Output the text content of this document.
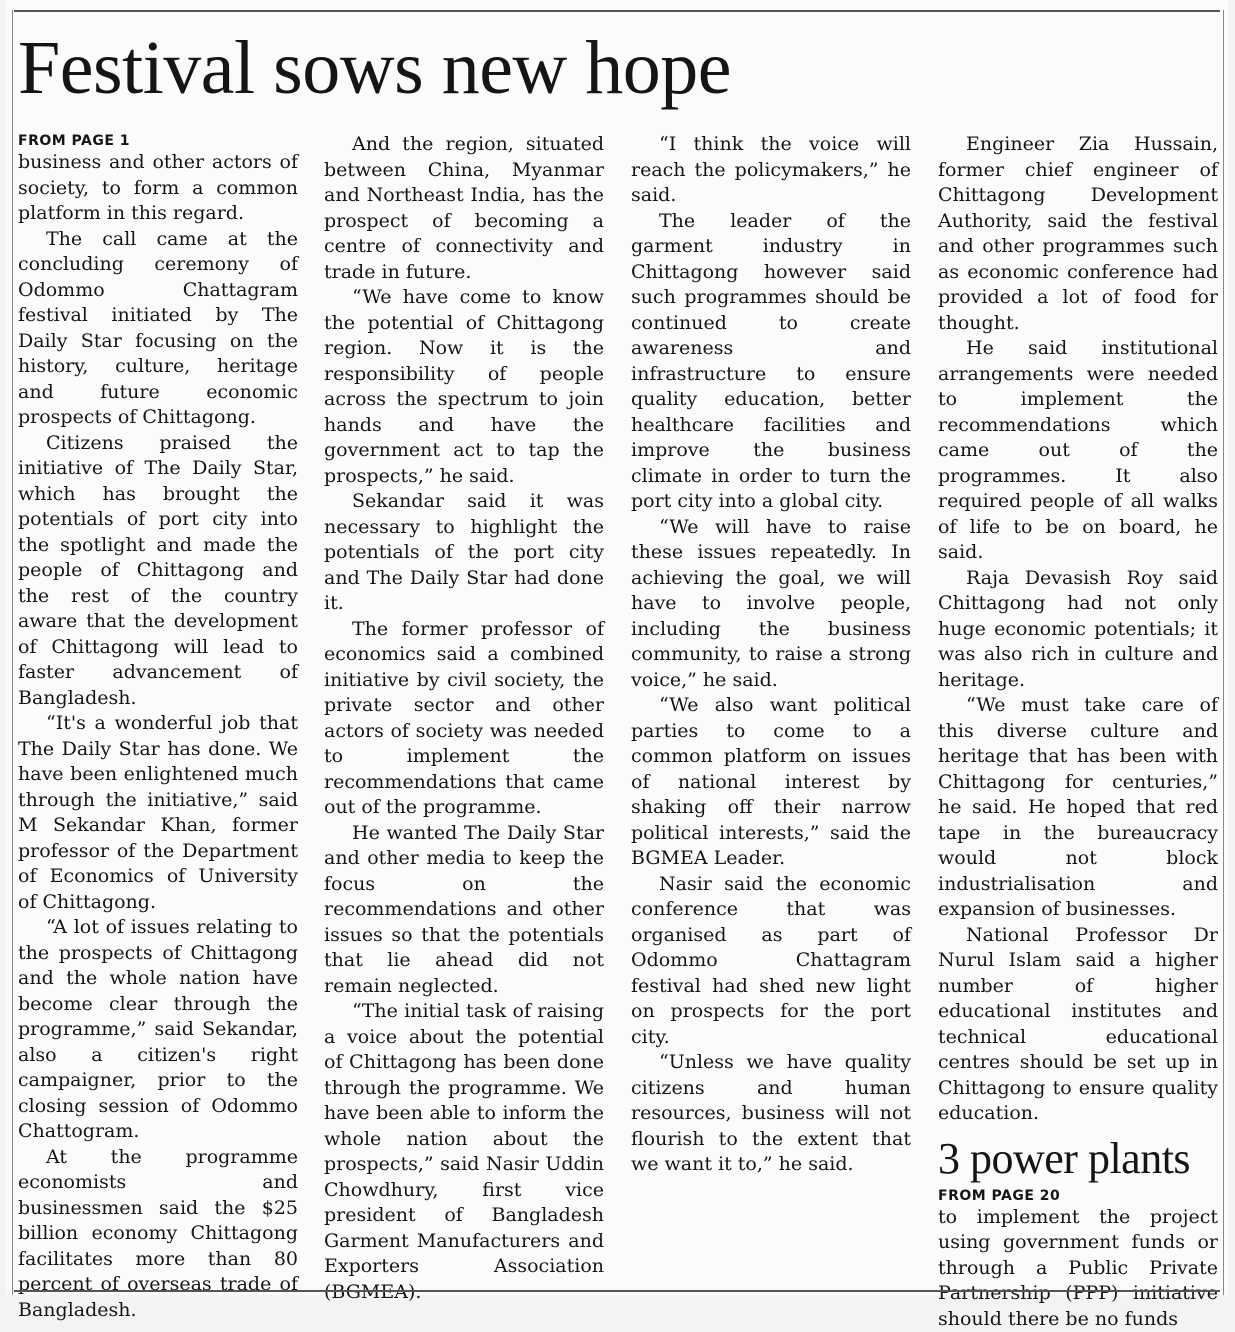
Festival sows new hope
FROM PAGE 1

business and other actors of society, to form a common platform in this regard.

The call came at the concluding ceremony of Odommo Chattagram festival initiated by The Daily Star focusing on the history, culture, heritage and future economic prospects of Chittagong.

Citizens praised the initiative of The Daily Star, which has brought the potentials of port city into the spotlight and made the people of Chittagong and the rest of the country aware that the development of Chittagong will lead to faster advancement of Bangladesh.

“It's a wonderful job that The Daily Star has done. We have been enlightened much through the initiative,” said M Sekandar Khan, former professor of the Department of Economics of University of Chittagong.

“A lot of issues relating to the prospects of Chittagong and the whole nation have become clear through the programme,” said Sekandar, also a citizen's right campaigner, prior to the closing session of Odommo Chattogram.

At the programme economists and businessmen said the $25 billion economy Chittagong facilitates more than 80 percent of overseas trade of Bangladesh.

And the region, situated between China, Myanmar and Northeast India, has the prospect of becoming a centre of connectivity and trade in future.

“We have come to know the potential of Chittagong region. Now it is the responsibility of people across the spectrum to join hands and have the government act to tap the prospects,” he said.

Sekandar said it was necessary to highlight the potentials of the port city and The Daily Star had done it.

The former professor of economics said a combined initiative by civil society, the private sector and other actors of society was needed to implement the recommendations that came out of the programme.

He wanted The Daily Star and other media to keep the focus on the recommendations and other issues so that the potentials that lie ahead did not remain neglected.

“The initial task of raising a voice about the potential of Chittagong has been done through the programme. We have been able to inform the whole nation about the prospects,” said Nasir Uddin Chowdhury, first vice president of Bangladesh Garment Manufacturers and Exporters Association (BGMEA).

“I think the voice will reach the policymakers,” he said.

The leader of the garment industry in Chittagong however said such programmes should be continued to create awareness and infrastructure to ensure quality education, better healthcare facilities and improve the business climate in order to turn the port city into a global city.

“We will have to raise these issues repeatedly. In achieving the goal, we will have to involve people, including the business community, to raise a strong voice,” he said.

“We also want political parties to come to a common platform on issues of national interest by shaking off their narrow political interests,” said the BGMEA Leader.

Nasir said the economic conference that was organised as part of Odommo Chattagram festival had shed new light on prospects for the port city.

“Unless we have quality citizens and human resources, business will not flourish to the extent that we want it to,” he said.

Engineer Zia Hussain, former chief engineer of Chittagong Development Authority, said the festival and other programmes such as economic conference had provided a lot of food for thought.

He said institutional arrangements were needed to implement the recommendations which came out of the programmes. It also required people of all walks of life to be on board, he said.

Raja Devasish Roy said Chittagong had not only huge economic potentials; it was also rich in culture and heritage.

“We must take care of this diverse culture and heritage that has been with Chittagong for centuries,” he said. He hoped that red tape in the bureaucracy would not block industrialisation and expansion of businesses.

National Professor Dr Nurul Islam said a higher number of higher educational institutes and technical educational centres should be set up in Chittagong to ensure quality education.

3 power plants
FROM PAGE 20

to implement the project using government funds or through a Public Private Partnership (PPP) initiative should there be no funds
